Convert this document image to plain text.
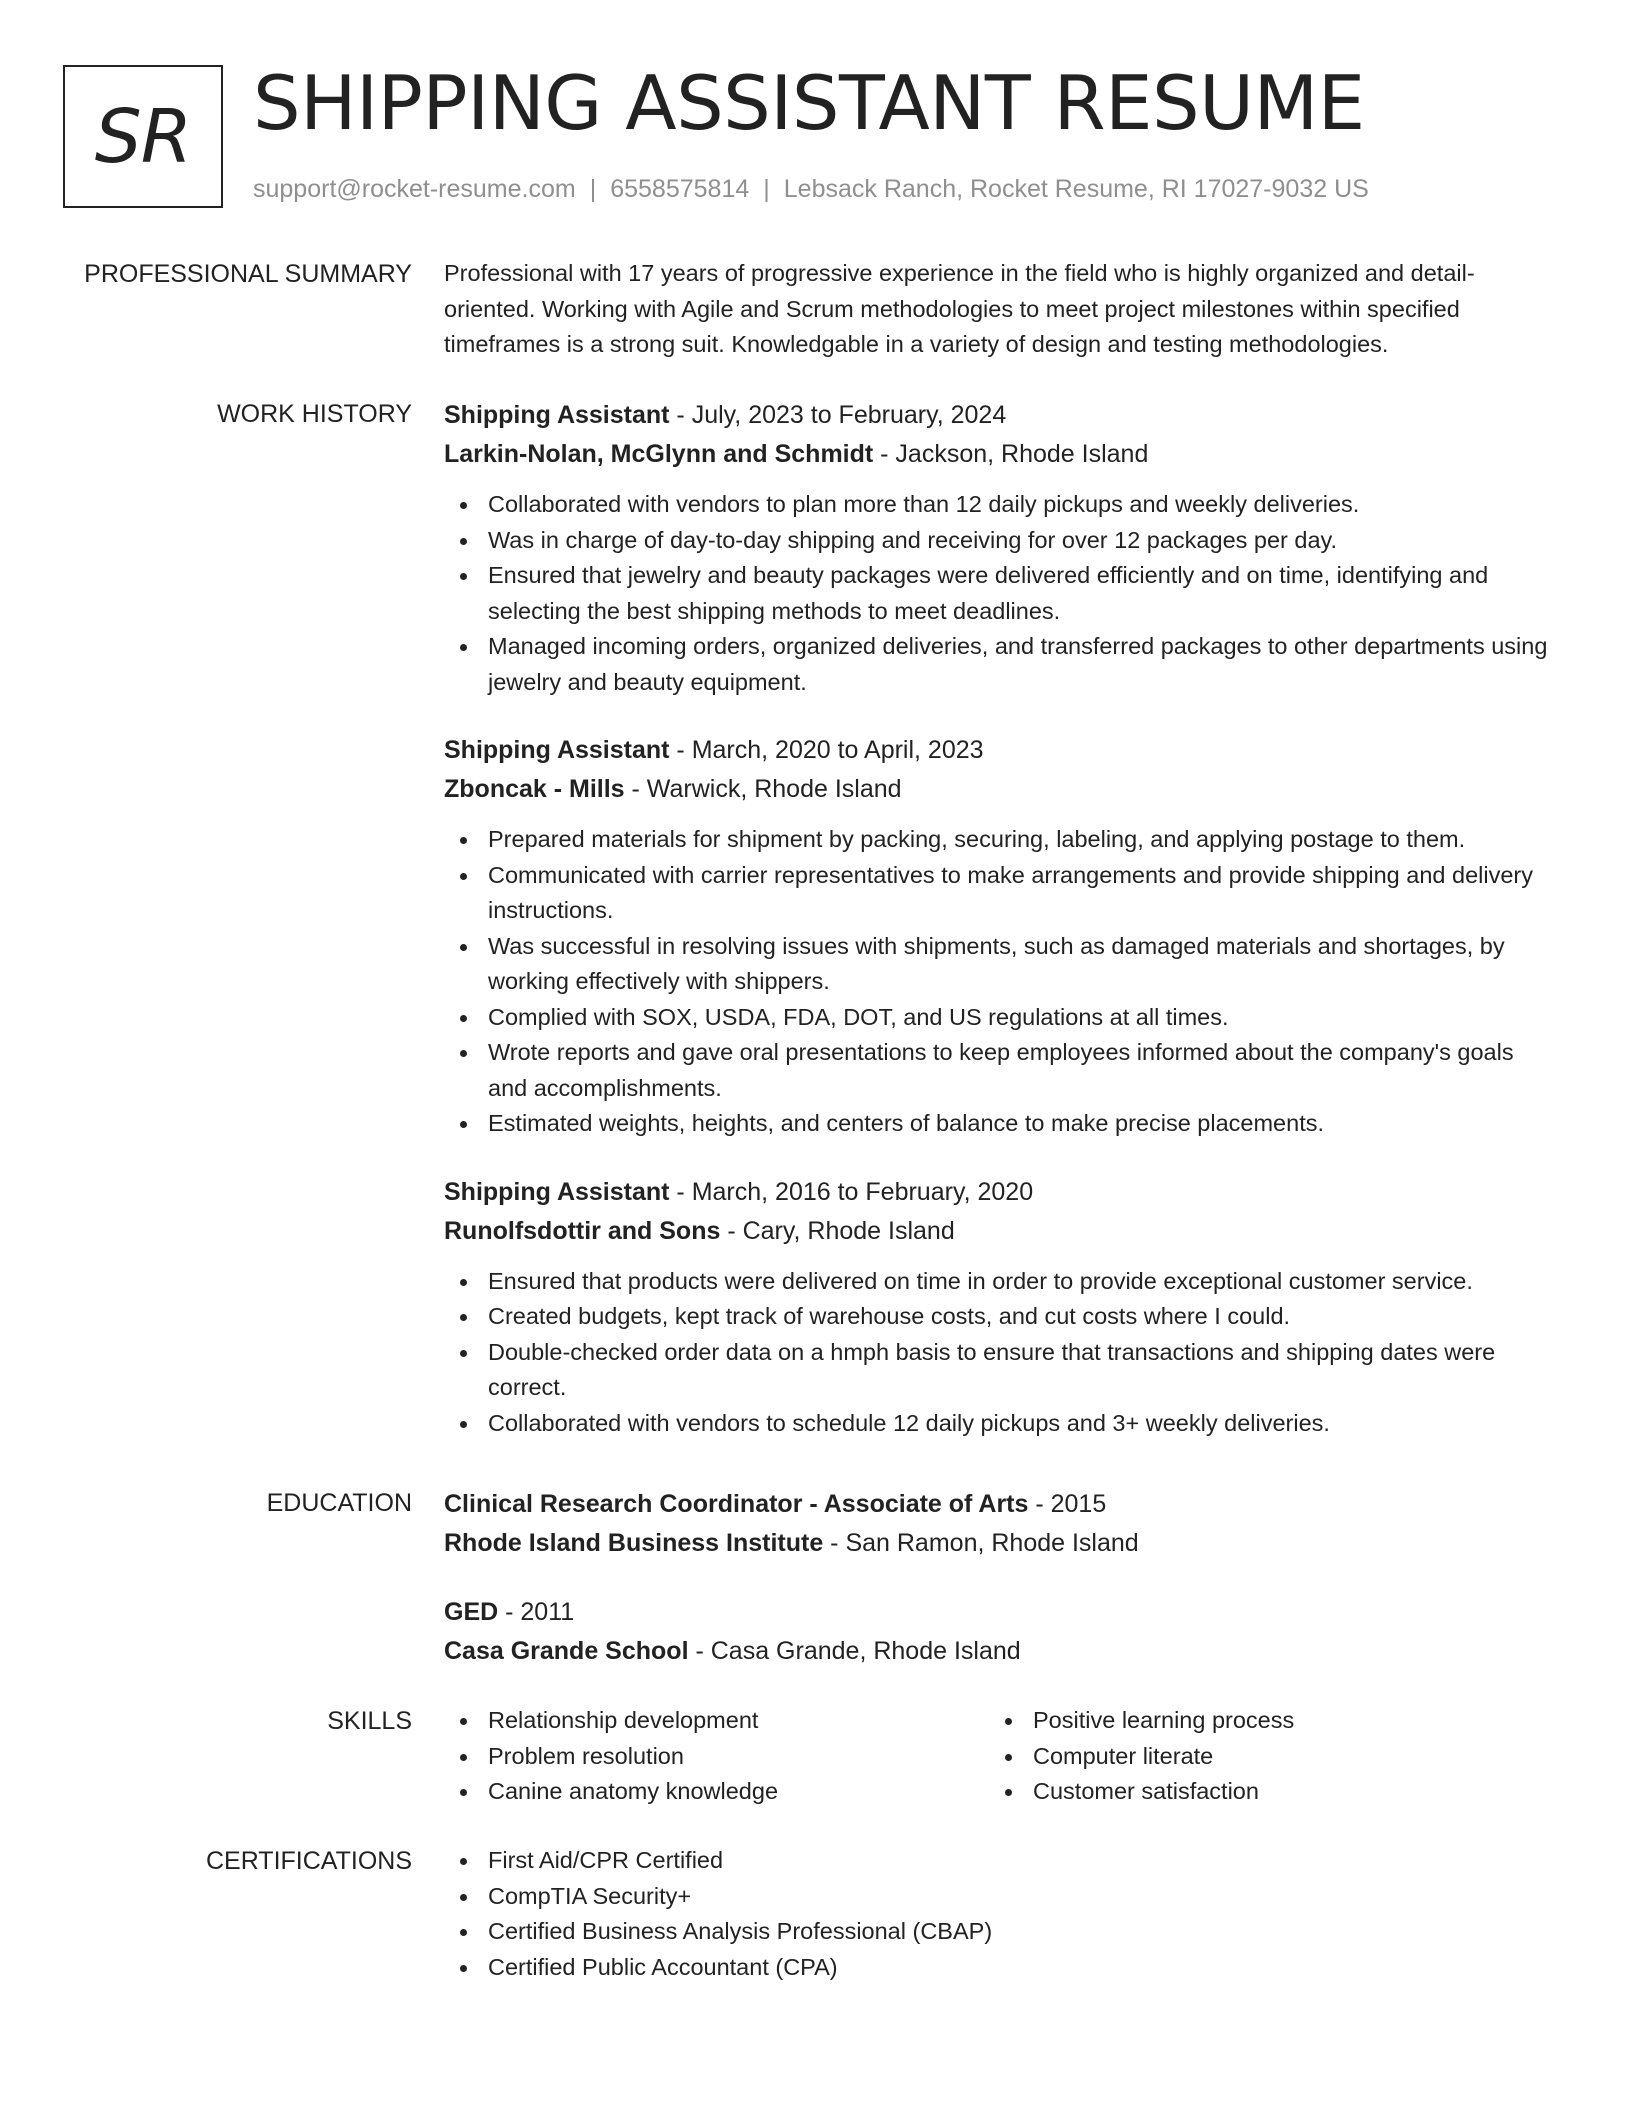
SR SHIPPING ASSISTANT RESUME
support@rocket-resume.com | 6558575814 | Lebsack Ranch, Rocket Resume, RI 17027-9032 US
PROFESSIONAL SUMMARY Professional with 17 years of progressive experience in the field who is highly organized and detail-oriented. Working with Agile and Scrum methodologies to meet project milestones within specified timeframes is a strong suit. Knowledgable in a variety of design and testing methodologies.

WORK HISTORY Shipping Assistant - July, 2023 to February, 2024
Larkin-Nolan, McGlynn and Schmidt - Jackson, Rhode Island
Collaborated with vendors to plan more than 12 daily pickups and weekly deliveries.
Was in charge of day-to-day shipping and receiving for over 12 packages per day.
Ensured that jewelry and beauty packages were delivered efficiently and on time, identifying and selecting the best shipping methods to meet deadlines.
Managed incoming orders, organized deliveries, and transferred packages to other departments using jewelry and beauty equipment.
Shipping Assistant - March, 2020 to April, 2023
Zboncak - Mills - Warwick, Rhode Island
Prepared materials for shipment by packing, securing, labeling, and applying postage to them.
Communicated with carrier representatives to make arrangements and provide shipping and delivery instructions.
Was successful in resolving issues with shipments, such as damaged materials and shortages, by working effectively with shippers.
Complied with SOX, USDA, FDA, DOT, and US regulations at all times.
Wrote reports and gave oral presentations to keep employees informed about the company's goals and accomplishments.
Estimated weights, heights, and centers of balance to make precise placements.
Shipping Assistant - March, 2016 to February, 2020
Runolfsdottir and Sons - Cary, Rhode Island
Ensured that products were delivered on time in order to provide exceptional customer service.
Created budgets, kept track of warehouse costs, and cut costs where I could.
Double-checked order data on a hmph basis to ensure that transactions and shipping dates were correct.
Collaborated with vendors to schedule 12 daily pickups and 3+ weekly deliveries.
EDUCATION Clinical Research Coordinator - Associate of Arts - 2015
Rhode Island Business Institute - San Ramon, Rhode Island
GED - 2011
Casa Grande School - Casa Grande, Rhode Island
SKILLS	Relationship development
Problem resolution
Canine anatomy knowledge
Positive learning process
Computer literate
Customer satisfaction
CERTIFICATIONS	First Aid/CPR Certified
CompTIA Security+
Certified Business Analysis Professional (CBAP)
Certified Public Accountant (CPA)
